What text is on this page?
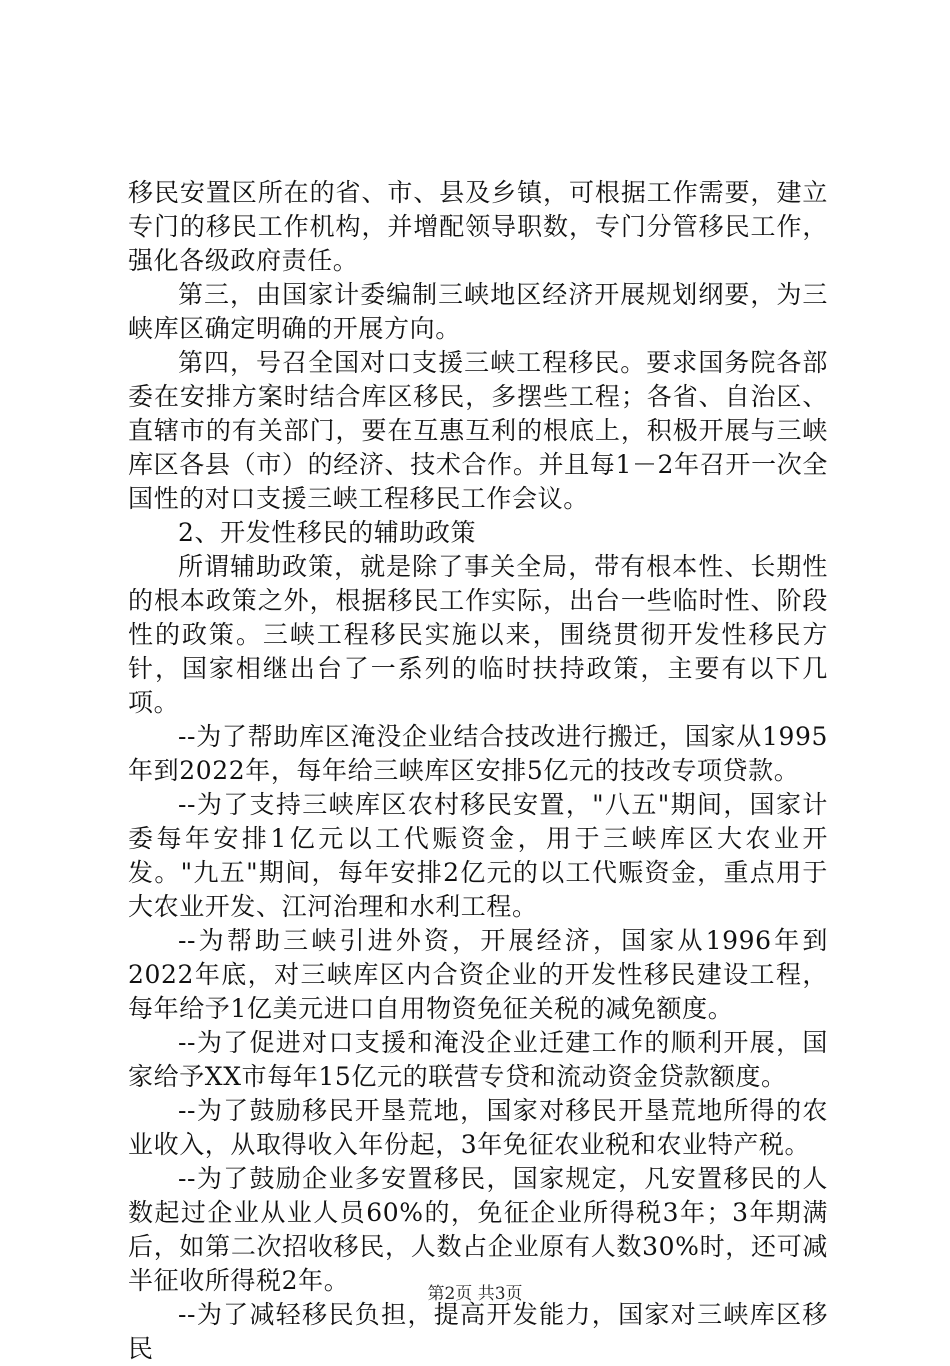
移民安置区所在的省、市、县及乡镇，可根据工作需要，建立专门的移民工作机构，并增配领导职数，专门分管移民工作，强化各级政府责任。

第三，由国家计委编制三峡地区经济开展规划纲要，为三峡库区确定明确的开展方向。

第四，号召全国对口支援三峡工程移民。要求国务院各部委在安排方案时结合库区移民，多摆些工程；各省、自治区、直辖市的有关部门，要在互惠互利的根底上，积极开展与三峡库区各县（市）的经济、技术合作。并且每1－2年召开一次全国性的对口支援三峡工程移民工作会议。

2、开发性移民的辅助政策

所谓辅助政策，就是除了事关全局，带有根本性、长期性的根本政策之外，根据移民工作实际，出台一些临时性、阶段性的政策。三峡工程移民实施以来，围绕贯彻开发性移民方针，国家相继出台了一系列的临时扶持政策，主要有以下几项。

--为了帮助库区淹没企业结合技改进行搬迁，国家从1995年到2022年，每年给三峡库区安排5亿元的技改专项贷款。

--为了支持三峡库区农村移民安置，"八五"期间，国家计委每年安排1亿元以工代赈资金，用于三峡库区大农业开发。"九五"期间，每年安排2亿元的以工代赈资金，重点用于大农业开发、江河治理和水利工程。

--为帮助三峡引进外资，开展经济，国家从1996年到2022年底，对三峡库区内合资企业的开发性移民建设工程，每年给予1亿美元进口自用物资免征关税的减免额度。

--为了促进对口支援和淹没企业迁建工作的顺利开展，国家给予XX市每年15亿元的联营专贷和流动资金贷款额度。

--为了鼓励移民开垦荒地，国家对移民开垦荒地所得的农业收入，从取得收入年份起，3年免征农业税和农业特产税。

--为了鼓励企业多安置移民，国家规定，凡安置移民的人数起过企业从业人员60%的，免征企业所得税3年；3年期满后，如第二次招收移民，人数占企业原有人数30%时，还可减半征收所得税2年。

--为了减轻移民负担，提高开发能力，国家对三峡库区移民

第2页 共3页
